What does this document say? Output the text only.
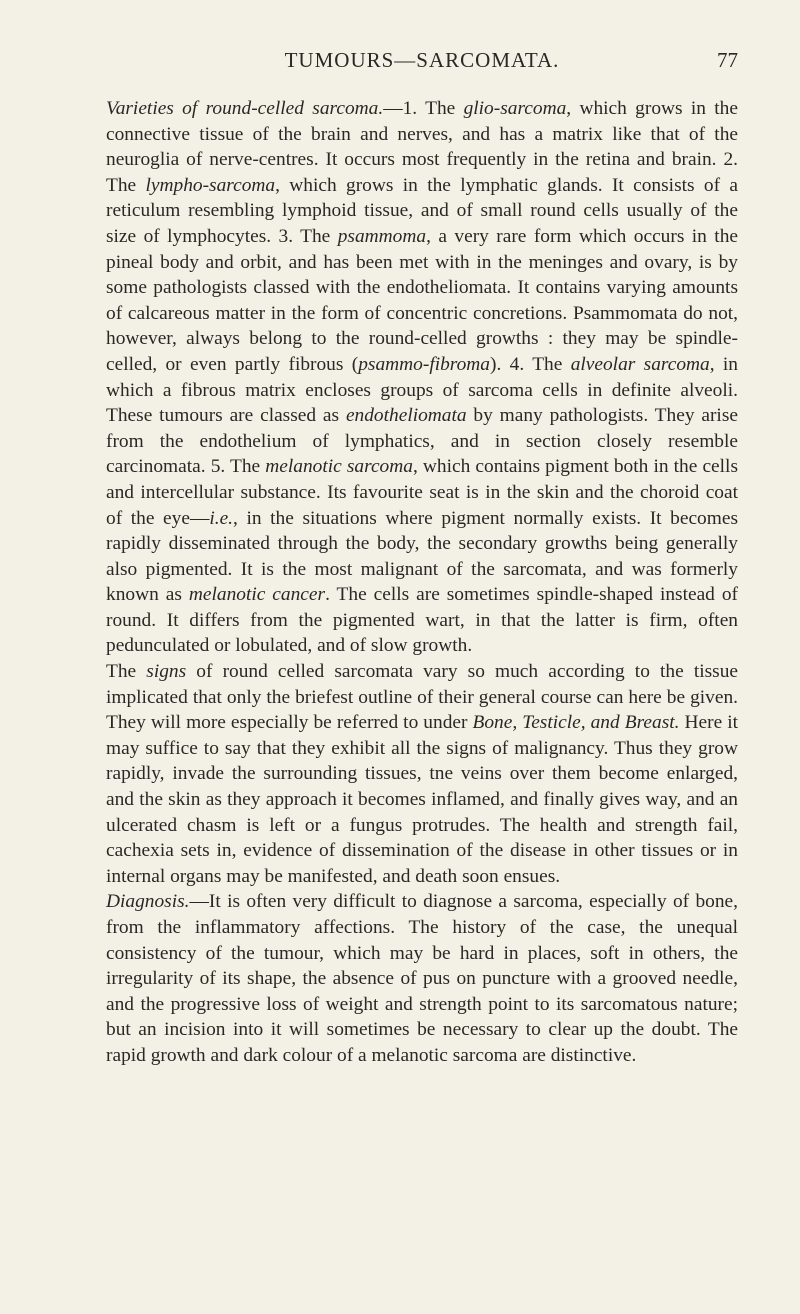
TUMOURS—SARCOMATA.	77

Varieties of round-celled sarcoma.—1. The glio-sarcoma, which grows in the connective tissue of the brain and nerves, and has a matrix like that of the neuroglia of nerve-centres. It occurs most frequently in the retina and brain. 2. The lympho-sarcoma, which grows in the lymphatic glands. It consists of a reticulum resembling lymphoid tissue, and of small round cells usually of the size of lymphocytes. 3. The psammoma, a very rare form which occurs in the pineal body and orbit, and has been met with in the meninges and ovary, is by some pathologists classed with the endotheliomata. It contains varying amounts of calcareous matter in the form of concentric concretions. Psammomata do not, however, always belong to the round-celled growths : they may be spindle-celled, or even partly fibrous (psammo-fibroma). 4. The alveolar sarcoma, in which a fibrous matrix encloses groups of sarcoma cells in definite alveoli. These tumours are classed as endotheliomata by many pathologists. They arise from the endothelium of lymphatics, and in section closely resemble carcinomata. 5. The melanotic sarcoma, which contains pigment both in the cells and intercellular substance. Its favourite seat is in the skin and the choroid coat of the eye—i.e., in the situations where pigment normally exists. It becomes rapidly disseminated through the body, the secondary growths being generally also pigmented. It is the most malignant of the sarcomata, and was formerly known as melanotic cancer. The cells are sometimes spindle-shaped instead of round. It differs from the pigmented wart, in that the latter is firm, often pedunculated or lobulated, and of slow growth.

The signs of round celled sarcomata vary so much according to the tissue implicated that only the briefest outline of their general course can here be given. They will more especially be referred to under Bone, Testicle, and Breast. Here it may suffice to say that they exhibit all the signs of malignancy. Thus they grow rapidly, invade the surrounding tissues, tne veins over them become enlarged, and the skin as they approach it becomes inflamed, and finally gives way, and an ulcerated chasm is left or a fungus protrudes. The health and strength fail, cachexia sets in, evidence of dissemination of the disease in other tissues or in internal organs may be manifested, and death soon ensues.

Diagnosis.—It is often very difficult to diagnose a sarcoma, especially of bone, from the inflammatory affections. The history of the case, the unequal consistency of the tumour, which may be hard in places, soft in others, the irregularity of its shape, the absence of pus on puncture with a grooved needle, and the progressive loss of weight and strength point to its sarcomatous nature; but an incision into it will sometimes be necessary to clear up the doubt. The rapid growth and dark colour of a melanotic sarcoma are distinctive.
